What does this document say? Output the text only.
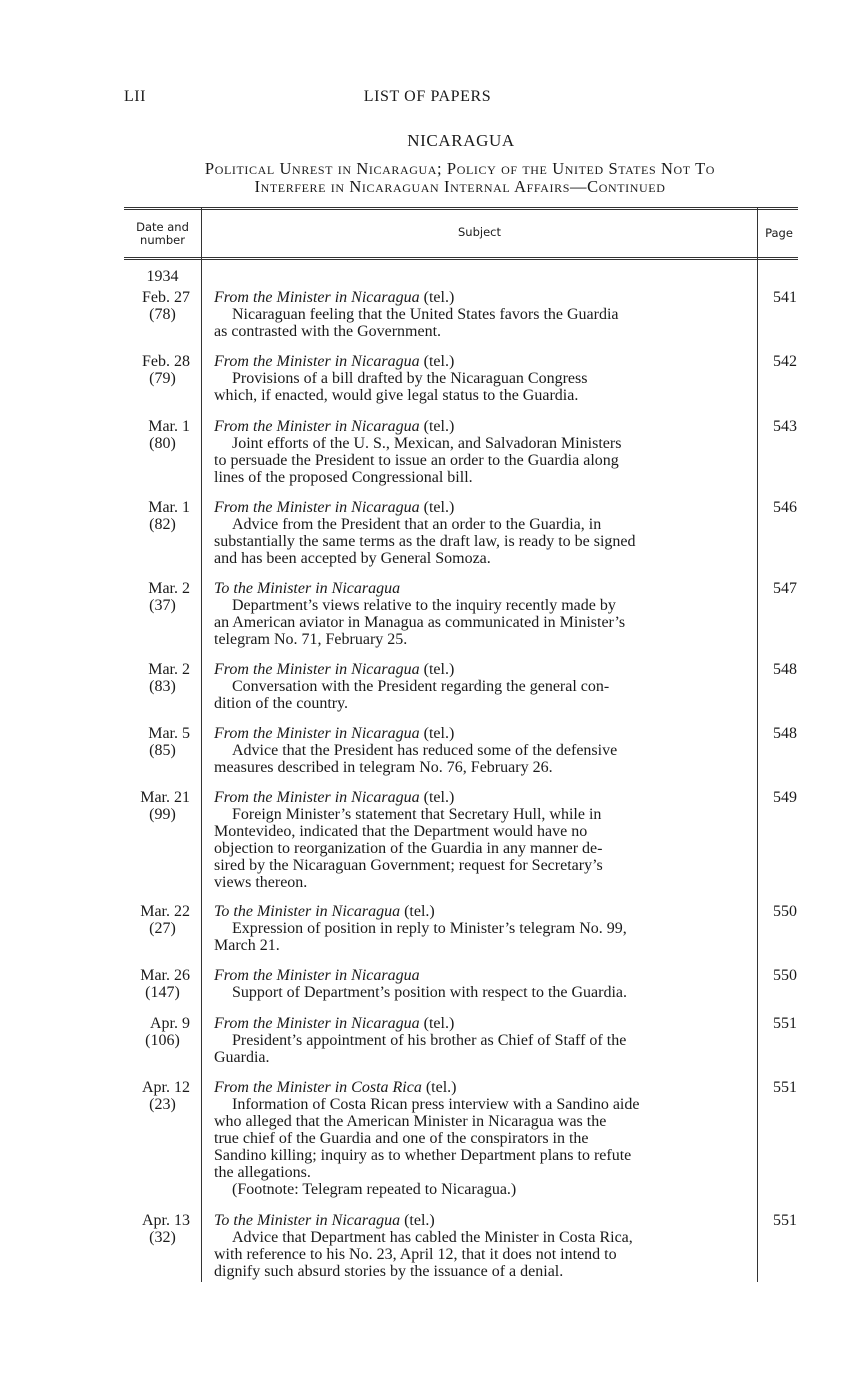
LII	LIST OF PAPERS
NICARAGUA
Political Unrest in Nicaragua; Policy of the United States Not To
Interfere in Nicaraguan Internal Affairs—Continued
Date and
number
Subject	Page
1934
Feb. 27
(78)
From the Minister in Nicaragua (tel.)
Nicaraguan feeling that the United States favors the Guardia
as contrasted with the Government.
541
Feb. 28
(79)
From the Minister in Nicaragua (tel.)
Provisions of a bill drafted by the Nicaraguan Congress
which, if enacted, would give legal status to the Guardia.
542
Mar. 1
(80)
From the Minister in Nicaragua (tel.)
Joint efforts of the U. S., Mexican, and Salvadoran Ministers
to persuade the President to issue an order to the Guardia along
lines of the proposed Congressional bill.
543
Mar. 1
(82)
From the Minister in Nicaragua (tel.)
Advice from the President that an order to the Guardia, in
substantially the same terms as the draft law, is ready to be signed
and has been accepted by General Somoza.
546
Mar. 2
(37)
To the Minister in Nicaragua
Department’s views relative to the inquiry recently made by
an American aviator in Managua as communicated in Minister’s
telegram No. 71, February 25.
547
Mar. 2
(83)
From the Minister in Nicaragua (tel.)
Conversation with the President regarding the general con-
dition of the country.
548
Mar. 5
(85)
From the Minister in Nicaragua (tel.)
Advice that the President has reduced some of the defensive
measures described in telegram No. 76, February 26.
548
Mar. 21
(99)
From the Minister in Nicaragua (tel.)
Foreign Minister’s statement that Secretary Hull, while in
Montevideo, indicated that the Department would have no
objection to reorganization of the Guardia in any manner de-
sired by the Nicaraguan Government; request for Secretary’s
views thereon.
549
Mar. 22
(27)
To the Minister in Nicaragua (tel.)
Expression of position in reply to Minister’s telegram No. 99,
March 21.
550
Mar. 26
(147)
From the Minister in Nicaragua
Support of Department’s position with respect to the Guardia.
550
Apr. 9
(106)
From the Minister in Nicaragua (tel.)
President’s appointment of his brother as Chief of Staff of the
Guardia.
551
Apr. 12
(23)
From the Minister in Costa Rica (tel.)
Information of Costa Rican press interview with a Sandino aide
who alleged that the American Minister in Nicaragua was the
true chief of the Guardia and one of the conspirators in the
Sandino killing; inquiry as to whether Department plans to refute
the allegations.
(Footnote: Telegram repeated to Nicaragua.)
551
Apr. 13
(32)
To the Minister in Nicaragua (tel.)
Advice that Department has cabled the Minister in Costa Rica,
with reference to his No. 23, April 12, that it does not intend to
dignify such absurd stories by the issuance of a denial.
551
